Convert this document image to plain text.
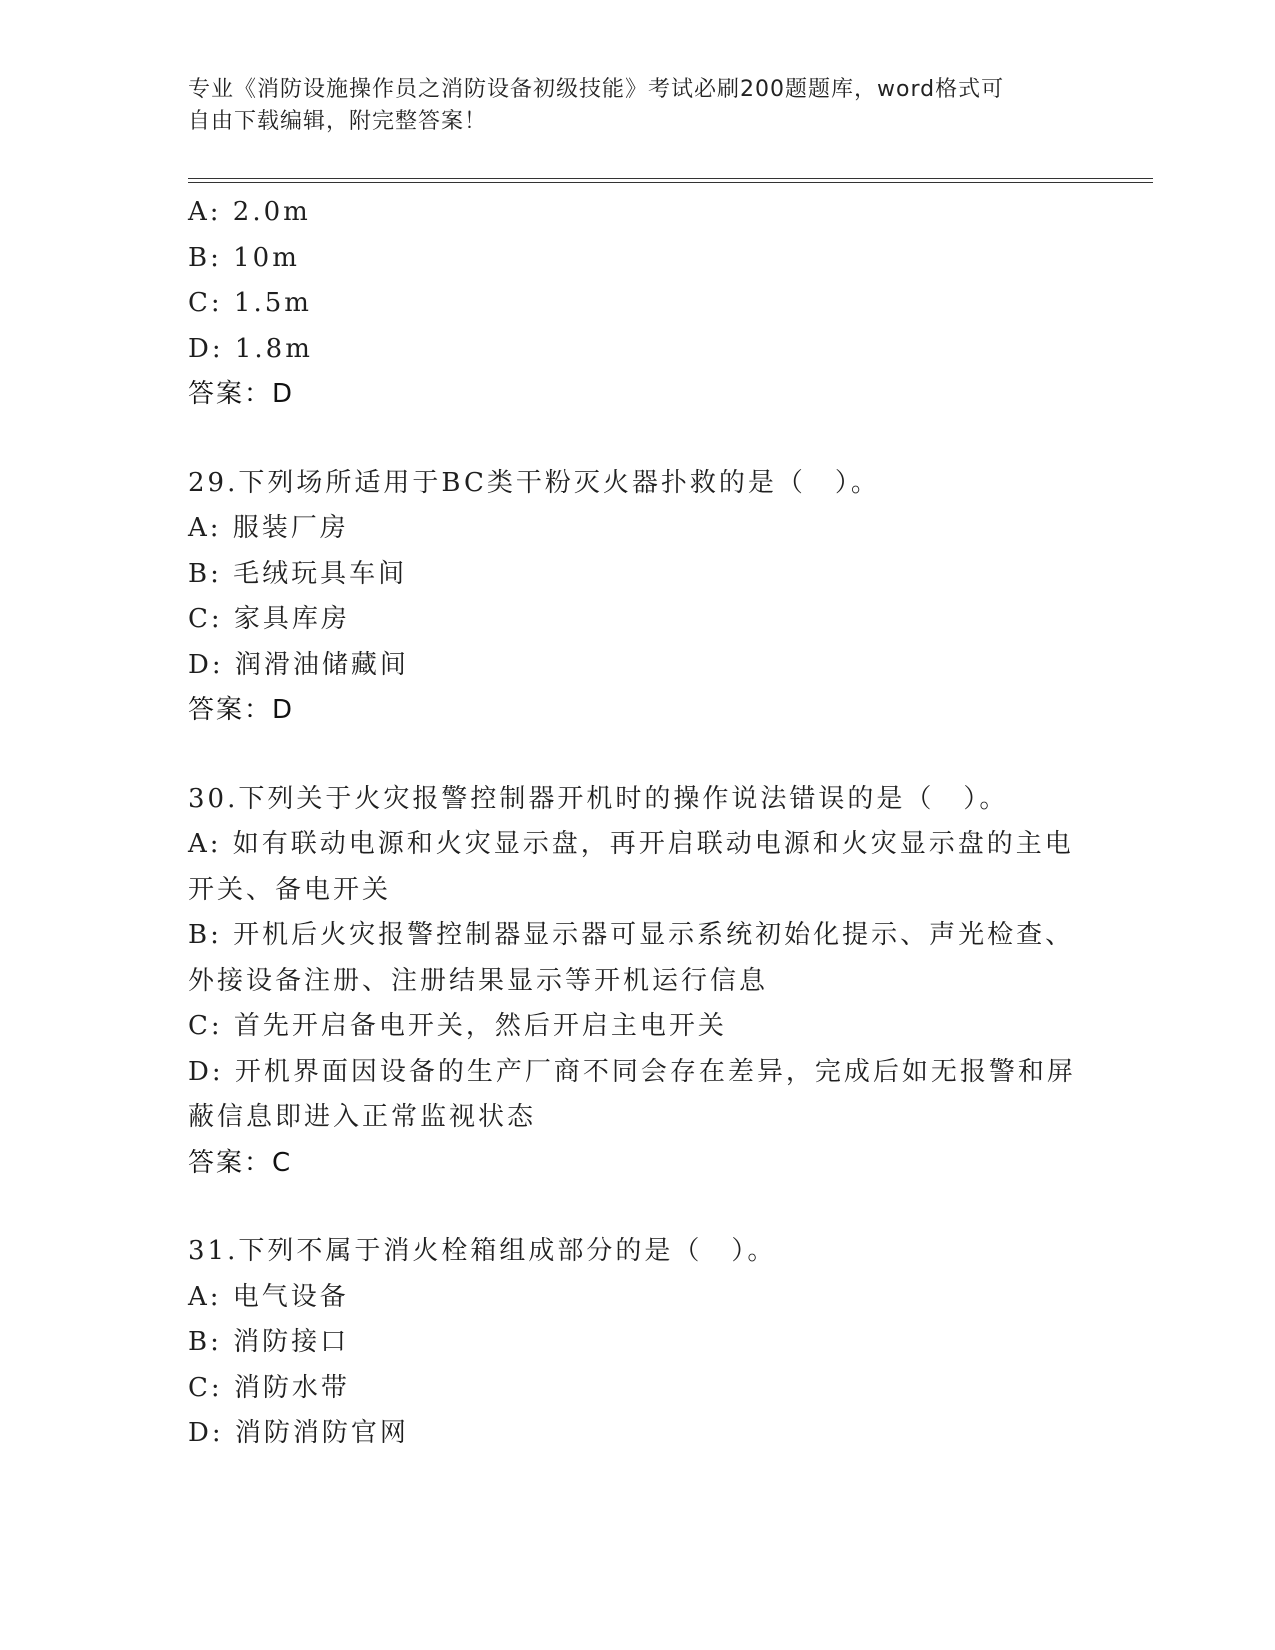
专业《消防设施操作员之消防设备初级技能》考试必刷200题题库，word格式可
自由下载编辑，附完整答案！
A: 2.0m
B: 10m
C: 1.5m
D: 1.8m
答案：D
29.下列场所适用于BC类干粉灭火器扑救的是（　）。
A: 服装厂房
B: 毛绒玩具车间
C: 家具库房
D: 润滑油储藏间
答案：D
30.下列关于火灾报警控制器开机时的操作说法错误的是（　）。
A: 如有联动电源和火灾显示盘，再开启联动电源和火灾显示盘的主电
开关、备电开关
B: 开机后火灾报警控制器显示器可显示系统初始化提示、声光检查、
外接设备注册、注册结果显示等开机运行信息
C: 首先开启备电开关，然后开启主电开关
D: 开机界面因设备的生产厂商不同会存在差异，完成后如无报警和屏
蔽信息即进入正常监视状态
答案：C
31.下列不属于消火栓箱组成部分的是（　）。
A: 电气设备
B: 消防接口
C: 消防水带
D: 消防消防官网
